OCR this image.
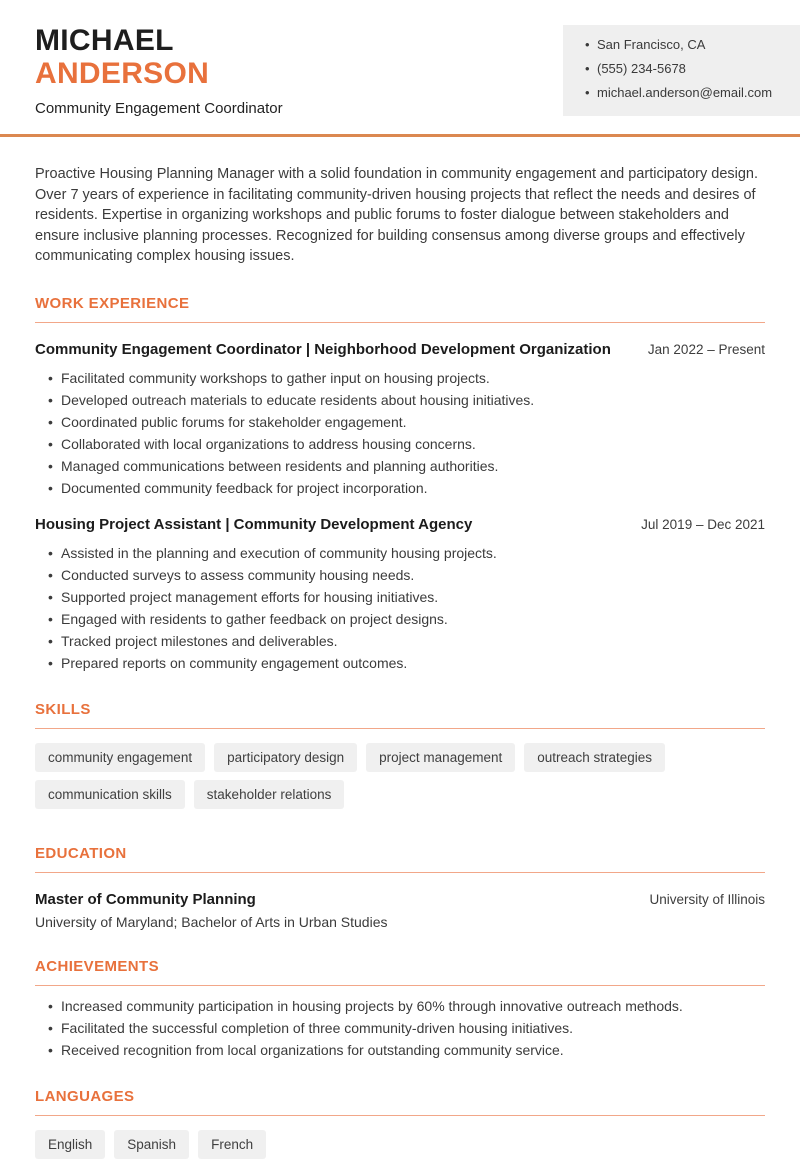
MICHAEL
ANDERSON
Community Engagement Coordinator
• San Francisco, CA
• (555) 234-5678
• michael.anderson@email.com

Proactive Housing Planning Manager with a solid foundation in community engagement and participatory design. Over 7 years of experience in facilitating community-driven housing projects that reflect the needs and desires of residents. Expertise in organizing workshops and public forums to foster dialogue between stakeholders and ensure inclusive planning processes. Recognized for building consensus among diverse groups and effectively communicating complex housing issues.

WORK EXPERIENCE
Community Engagement Coordinator | Neighborhood Development Organization	Jan 2022 – Present
• Facilitated community workshops to gather input on housing projects.
• Developed outreach materials to educate residents about housing initiatives.
• Coordinated public forums for stakeholder engagement.
• Collaborated with local organizations to address housing concerns.
• Managed communications between residents and planning authorities.
• Documented community feedback for project incorporation.
Housing Project Assistant | Community Development Agency	Jul 2019 – Dec 2021
• Assisted in the planning and execution of community housing projects.
• Conducted surveys to assess community housing needs.
• Supported project management efforts for housing initiatives.
• Engaged with residents to gather feedback on project designs.
• Tracked project milestones and deliverables.
• Prepared reports on community engagement outcomes.
SKILLS
community engagement	participatory design	project management	outreach strategies
communication skills	stakeholder relations
EDUCATION
Master of Community Planning	University of Illinois
University of Maryland; Bachelor of Arts in Urban Studies
ACHIEVEMENTS
• Increased community participation in housing projects by 60% through innovative outreach methods.
• Facilitated the successful completion of three community-driven housing initiatives.
• Received recognition from local organizations for outstanding community service.
LANGUAGES
English	Spanish	French
